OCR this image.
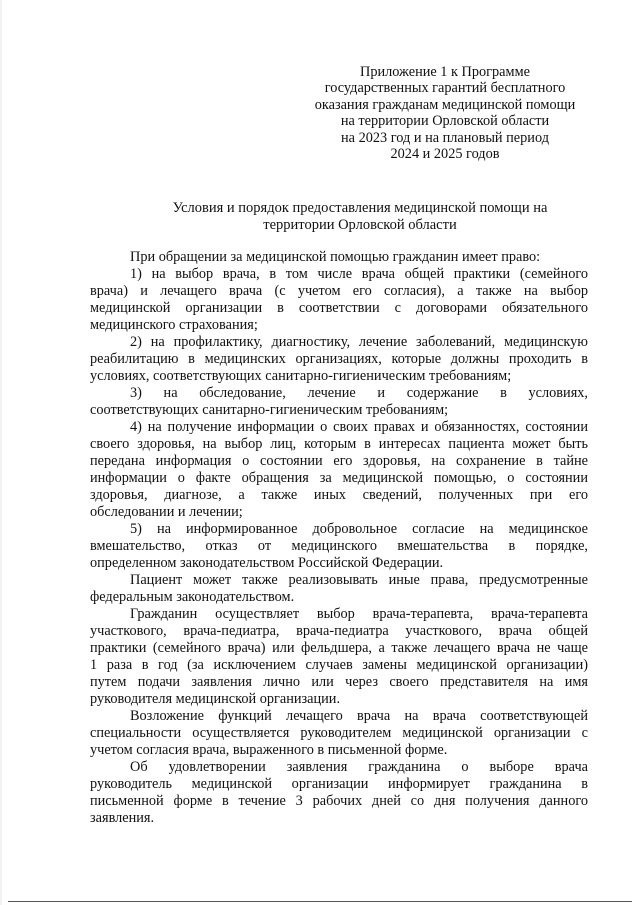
Приложение 1 к Программе
государственных гарантий бесплатного
оказания гражданам медицинской помощи
на территории Орловской области
на 2023 год и на плановый период
2024 и 2025 годов
Условия и порядок предоставления медицинской помощи на
территории Орловской области
При обращении за медицинской помощью гражданин имеет право:
1) на выбор врача, в том числе врача общей практики (семейного
врача) и лечащего врача (с учетом его согласия), а также на выбор
медицинской организации в соответствии с договорами обязательного
медицинского страхования;
2) на профилактику, диагностику, лечение заболеваний, медицинскую
реабилитацию в медицинских организациях, которые должны проходить в
условиях, соответствующих санитарно-гигиеническим требованиям;
3) на обследование, лечение и содержание в условиях,
соответствующих санитарно-гигиеническим требованиям;
4) на получение информации о своих правах и обязанностях, состоянии
своего здоровья, на выбор лиц, которым в интересах пациента может быть
передана информация о состоянии его здоровья, на сохранение в тайне
информации о факте обращения за медицинской помощью, о состоянии
здоровья, диагнозе, а также иных сведений, полученных при его
обследовании и лечении;
5) на информированное добровольное согласие на медицинское
вмешательство, отказ от медицинского вмешательства в порядке,
определенном законодательством Российской Федерации.
Пациент может также реализовывать иные права, предусмотренные
федеральным законодательством.
Гражданин осуществляет выбор врача-терапевта, врача-терапевта
участкового, врача-педиатра, врача-педиатра участкового, врача общей
практики (семейного врача) или фельдшера, а также лечащего врача не чаще
1 раза в год (за исключением случаев замены медицинской организации)
путем подачи заявления лично или через своего представителя на имя
руководителя медицинской организации.
Возложение функций лечащего врача на врача соответствующей
специальности осуществляется руководителем медицинской организации с
учетом согласия врача, выраженного в письменной форме.
Об удовлетворении заявления гражданина о выборе врача
руководитель медицинской организации информирует гражданина в
письменной форме в течение 3 рабочих дней со дня получения данного
заявления.
